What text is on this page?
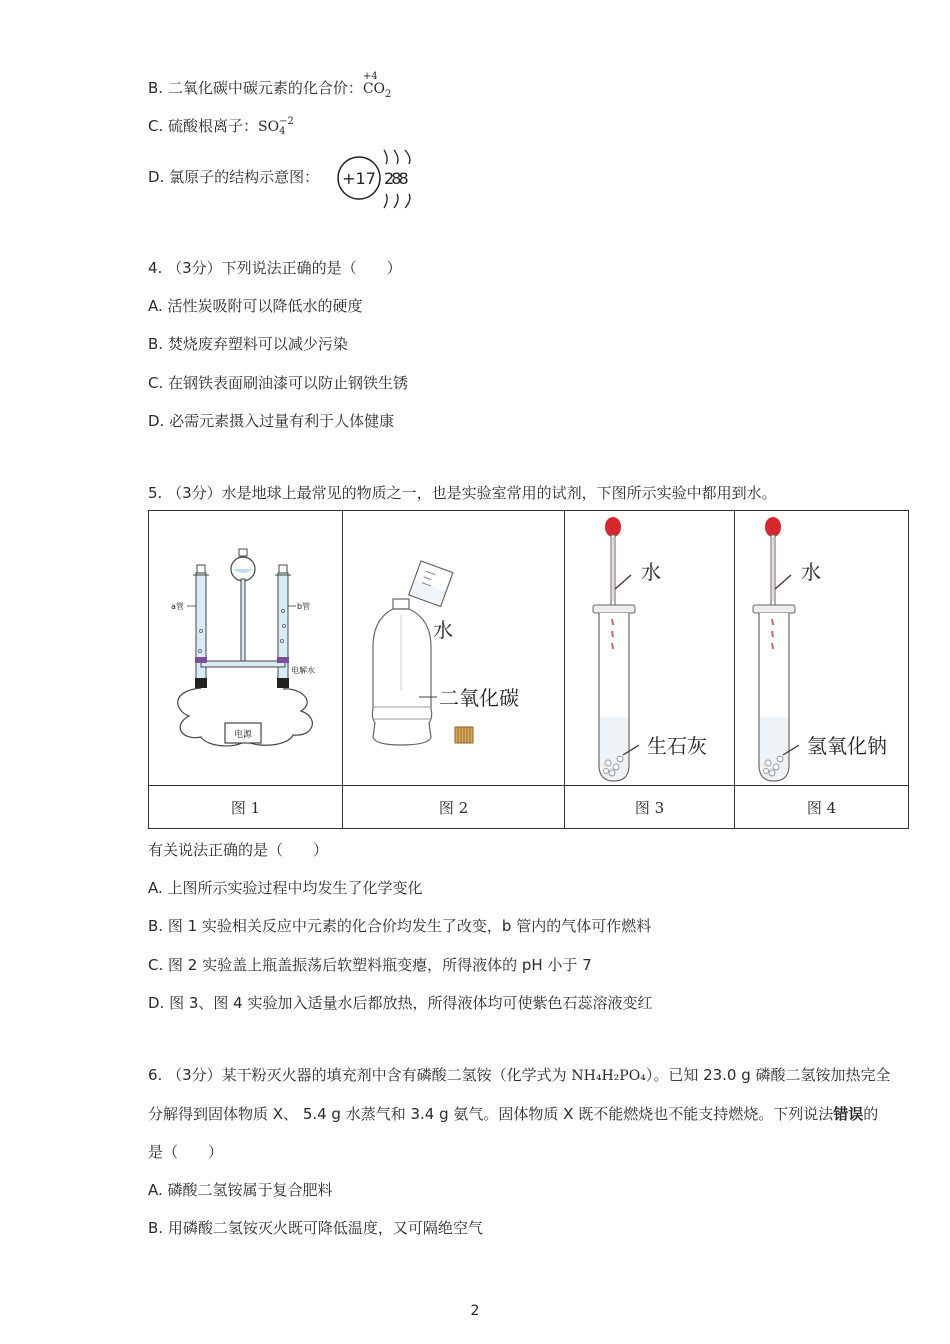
B. 二氧化碳中碳元素的化合价：
+4
$CO_2$
C. 硫酸根离子：SO −2
4
D. 氯原子的结构示意图： +17 2 8 8
4. （3分）下列说法正确的是（　　）
A. 活性炭吸附可以降低水的硬度
B. 焚烧废弃塑料可以减少污染
C. 在钢铁表面刷油漆可以防止钢铁生锈
D. 必需元素摄入过量有利于人体健康
5. （3分）水是地球上最常见的物质之一，也是实验室常用的试剂，下图所示实验中都用到水。
电源
a管 b管
电解水	水
二氧化碳	水
生石灰	水
氢氧化钠

图 1	图 2	图 3	图 4
有关说法正确的是（　　）
A. 上图所示实验过程中均发生了化学变化
B. 图 1 实验相关反应中元素的化合价均发生了改变，b 管内的气体可作燃料
C. 图 2 实验盖上瓶盖振荡后软塑料瓶变瘪，所得液体的 pH 小于 7
D. 图 3、图 4 实验加入适量水后都放热，所得液体均可使紫色石蕊溶液变红
6. （3分）某干粉灭火器的填充剂中含有磷酸二氢铵（化学式为 NH₄H₂PO₄）。已知 23.0 g 磷酸二氢铵加热完全分解得到固体物质 X、 5.4 g 水蒸气和 3.4 g 氨气。固体物质 X 既不能燃烧也不能支持燃烧。下列说法错误的是（　　）
A. 磷酸二氢铵属于复合肥料
B. 用磷酸二氢铵灭火既可降低温度，又可隔绝空气
2
